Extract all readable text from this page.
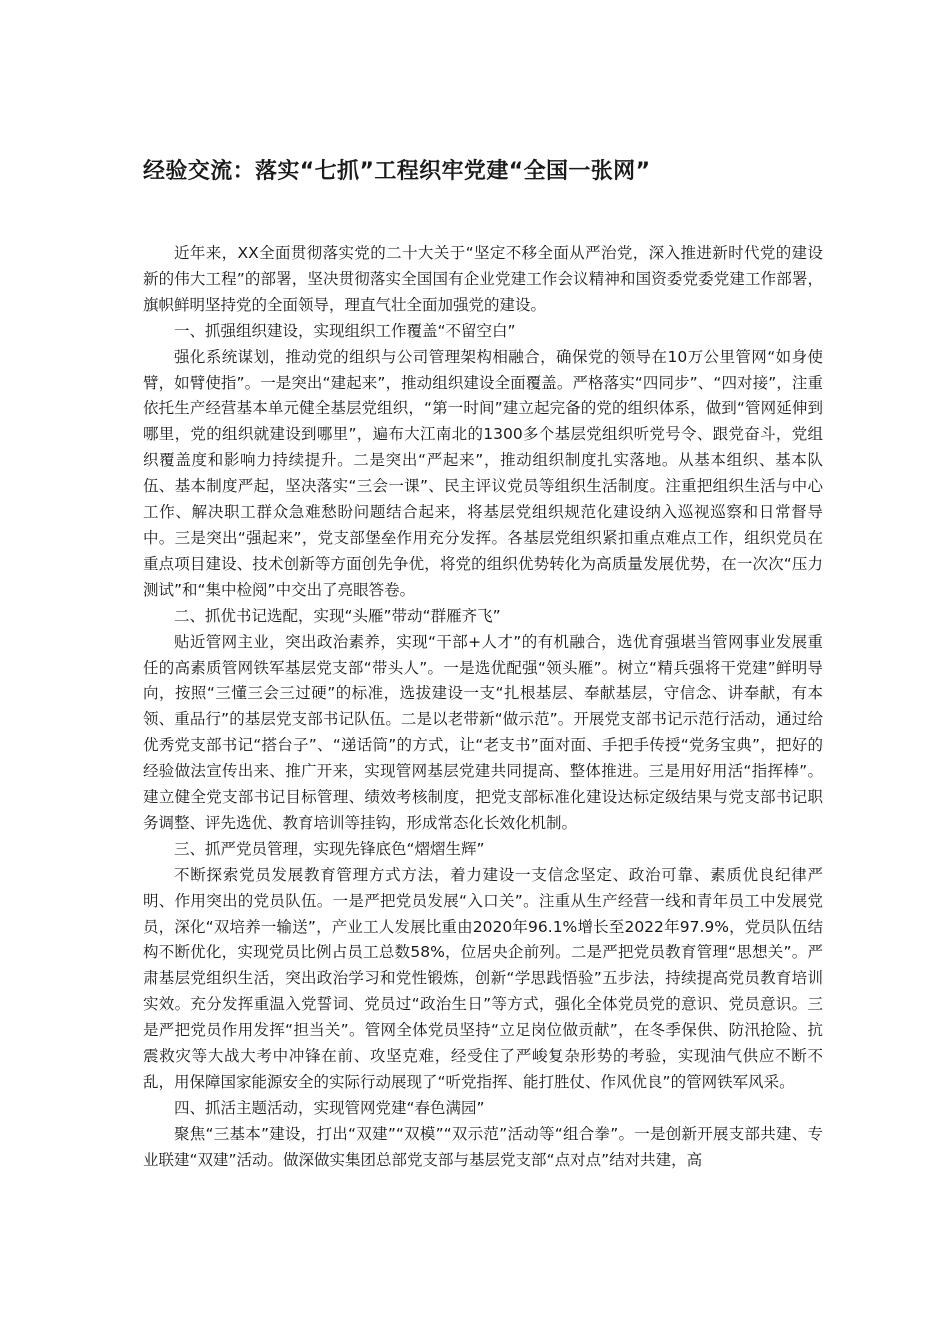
经验交流：落实“七抓”工程织牢党建“全国一张网”

近年来，XX全面贯彻落实党的二十大关于“坚定不移全面从严治党，深入推进新时代党的建设新的伟大工程”的部署，坚决贯彻落实全国国有企业党建工作会议精神和国资委党委党建工作部署，旗帜鲜明坚持党的全面领导，理直气壮全面加强党的建设。

一、抓强组织建设，实现组织工作覆盖“不留空白”

强化系统谋划，推动党的组织与公司管理架构相融合，确保党的领导在10万公里管网“如身使臂，如臂使指”。一是突出“建起来”，推动组织建设全面覆盖。严格落实“四同步”、“四对接”，注重依托生产经营基本单元健全基层党组织，“第一时间”建立起完备的党的组织体系，做到“管网延伸到哪里，党的组织就建设到哪里”，遍布大江南北的1300多个基层党组织听党号令、跟党奋斗，党组织覆盖度和影响力持续提升。二是突出“严起来”，推动组织制度扎实落地。从基本组织、基本队伍、基本制度严起，坚决落实“三会一课”、民主评议党员等组织生活制度。注重把组织生活与中心工作、解决职工群众急难愁盼问题结合起来，将基层党组织规范化建设纳入巡视巡察和日常督导中。三是突出“强起来”，党支部堡垒作用充分发挥。各基层党组织紧扣重点难点工作，组织党员在重点项目建设、技术创新等方面创先争优，将党的组织优势转化为高质量发展优势，在一次次“压力测试”和“集中检阅”中交出了亮眼答卷。

二、抓优书记选配，实现“头雁”带动“群雁齐飞”

贴近管网主业，突出政治素养，实现“干部+人才”的有机融合，选优育强堪当管网事业发展重任的高素质管网铁军基层党支部“带头人”。一是选优配强“领头雁”。树立“精兵强将干党建”鲜明导向，按照“三懂三会三过硬”的标准，选拔建设一支“扎根基层、奉献基层，守信念、讲奉献，有本领、重品行”的基层党支部书记队伍。二是以老带新“做示范”。开展党支部书记示范行活动，通过给优秀党支部书记“搭台子”、“递话筒”的方式，让“老支书”面对面、手把手传授“党务宝典”，把好的经验做法宣传出来、推广开来，实现管网基层党建共同提高、整体推进。三是用好用活“指挥棒”。建立健全党支部书记目标管理、绩效考核制度，把党支部标准化建设达标定级结果与党支部书记职务调整、评先选优、教育培训等挂钩，形成常态化长效化机制。

三、抓严党员管理，实现先锋底色“熠熠生辉”

不断探索党员发展教育管理方式方法，着力建设一支信念坚定、政治可靠、素质优良纪律严明、作用突出的党员队伍。一是严把党员发展“入口关”。注重从生产经营一线和青年员工中发展党员，深化“双培养一输送”，产业工人发展比重由2020年96.1%增长至2022年97.9%，党员队伍结构不断优化，实现党员比例占员工总数58%，位居央企前列。二是严把党员教育管理“思想关”。严肃基层党组织生活，突出政治学习和党性锻炼，创新“学思践悟验”五步法，持续提高党员教育培训实效。充分发挥重温入党誓词、党员过“政治生日”等方式，强化全体党员党的意识、党员意识。三是严把党员作用发挥“担当关”。管网全体党员坚持“立足岗位做贡献”，在冬季保供、防汛抢险、抗震救灾等大战大考中冲锋在前、攻坚克难，经受住了严峻复杂形势的考验，实现油气供应不断不乱，用保障国家能源安全的实际行动展现了“听党指挥、能打胜仗、作风优良”的管网铁军风采。

四、抓活主题活动，实现管网党建“春色满园”

聚焦“三基本”建设，打出“双建”“双模”“双示范”活动等“组合拳”。一是创新开展支部共建、专业联建“双建”活动。做深做实集团总部党支部与基层党支部“点对点”结对共建，高
